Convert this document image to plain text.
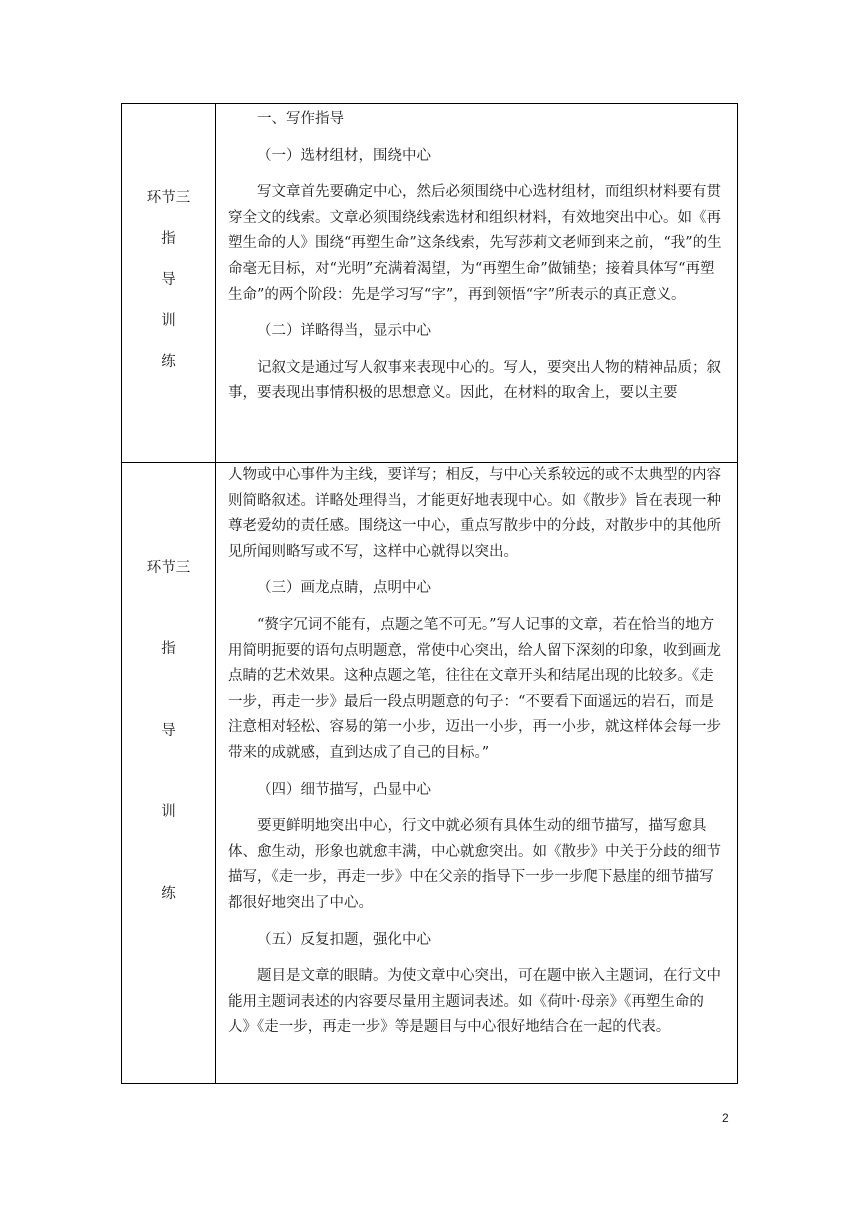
环节三
指
导
训
练

一、写作指导

（一）选材组材，围绕中心

写文章首先要确定中心，然后必须围绕中心选材组材，而组织材料要有贯穿全文的线索。文章必须围绕线索选材和组织材料，有效地突出中心。如《再塑生命的人》围绕“再塑生命”这条线索，先写莎莉文老师到来之前，“我”的生命毫无目标，对“光明”充满着渴望，为“再塑生命”做铺垫；接着具体写“再塑生命”的两个阶段：先是学习写“字”，再到领悟“字”所表示的真正意义。

（二）详略得当，显示中心

记叙文是通过写人叙事来表现中心的。写人，要突出人物的精神品质；叙事，要表现出事情积极的思想意义。因此，在材料的取舍上，要以主要

环节三
指
导
训
练

人物或中心事件为主线，要详写；相反，与中心关系较远的或不太典型的内容则简略叙述。详略处理得当，才能更好地表现中心。如《散步》旨在表现一种尊老爱幼的责任感。围绕这一中心，重点写散步中的分歧，对散步中的其他所见所闻则略写或不写，这样中心就得以突出。

（三）画龙点睛，点明中心

“赘字冗词不能有，点题之笔不可无。”写人记事的文章，若在恰当的地方用简明扼要的语句点明题意，常使中心突出，给人留下深刻的印象，收到画龙点睛的艺术效果。这种点题之笔，往往在文章开头和结尾出现的比较多。《走一步，再走一步》最后一段点明题意的句子：“不要看下面遥远的岩石，而是注意相对轻松、容易的第一小步，迈出一小步，再一小步，就这样体会每一步带来的成就感，直到达成了自己的目标。”

（四）细节描写，凸显中心

要更鲜明地突出中心，行文中就必须有具体生动的细节描写，描写愈具体、愈生动，形象也就愈丰满，中心就愈突出。如《散步》中关于分歧的细节描写，《走一步，再走一步》中在父亲的指导下一步一步爬下悬崖的细节描写都很好地突出了中心。

（五）反复扣题，强化中心

题目是文章的眼睛。为使文章中心突出，可在题中嵌入主题词，在行文中能用主题词表述的内容要尽量用主题词表述。如《荷叶·母亲》《再塑生命的人》《走一步，再走一步》等是题目与中心很好地结合在一起的代表。

2
